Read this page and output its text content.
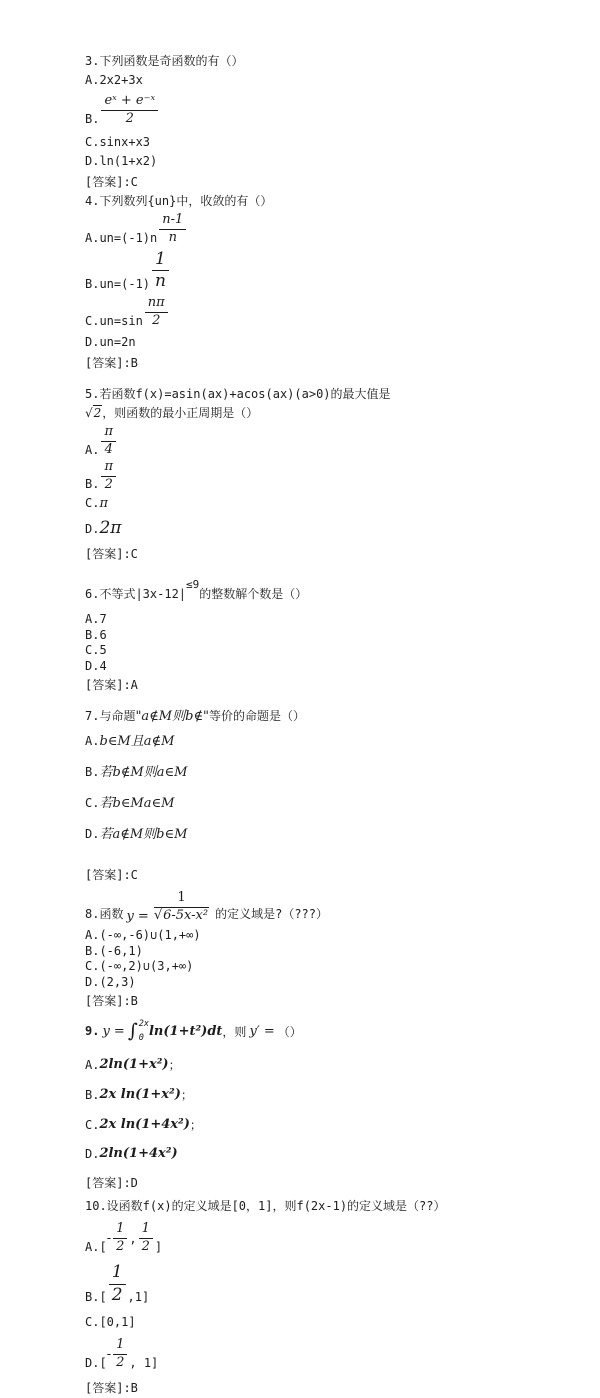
3.下列函数是奇函数的有（）
A.2x2+3x
B. $\frac{\text{eˣ + e⁻ˣ}}{2}$
C.sinx+x3
D.ln(1+x2)
[答案]:C
4.下列数列{un}中，收敛的有（）
$A.un=(-1)n \frac{n-1}{n}$
$B.un=(-1) \frac{1}{n}$
$C.un=\sin \frac{n\pi}{2}$
D.un=2n
[答案]:B
5.若函数f(x)=asin(ax)+acos(ax)(a>0)的最大值是√2，则函数的最小正周期是（）
A. $\frac{\pi}{4}$
B. $\frac{\pi}{2}$
C.π
D.2π
[答案]:C
6.不等式$|3x-12|^{\le 9}$的整数解个数是（）
A.7
B.6
C.5
D.4
[答案]:A
7.与命题"a∉M则b∉"等价的命题是（）
A.b∈M且a∉M
B.若b∉M则a∈M
C.若b∈Ma∈M
D.若a∉M则b∈M
[答案]:C
8.函数 $y = \frac{1}{\text{√6-5x-x²}}$ 的定义域是?（???）
A.(-∞,-6)∪(1,+∞)
B.(-6,1)
C.(-∞,2)∪(3,+∞)
D.(2,3)
[答案]:B
9. y = ∫ 2x
0 ln(1+t²)dt ，则 y′ = （）
A. 2ln(1+x²) ；
B. 2x ln(1+x²) ；
C. 2x ln(1+4x²) ；
D. 2ln(1+4x²)
[答案]:D
10.设函数f(x)的定义域是[0，1]，则f(2x-1)的定义域是（??）
A.[
- $\frac{1}{2}$ , $\frac{1}{2}$ ]
$B.[ \frac{1}{2} ,1]$
C.[0,1]
D.[
- $\frac{1}{2}$ , 1]
[答案]:B
